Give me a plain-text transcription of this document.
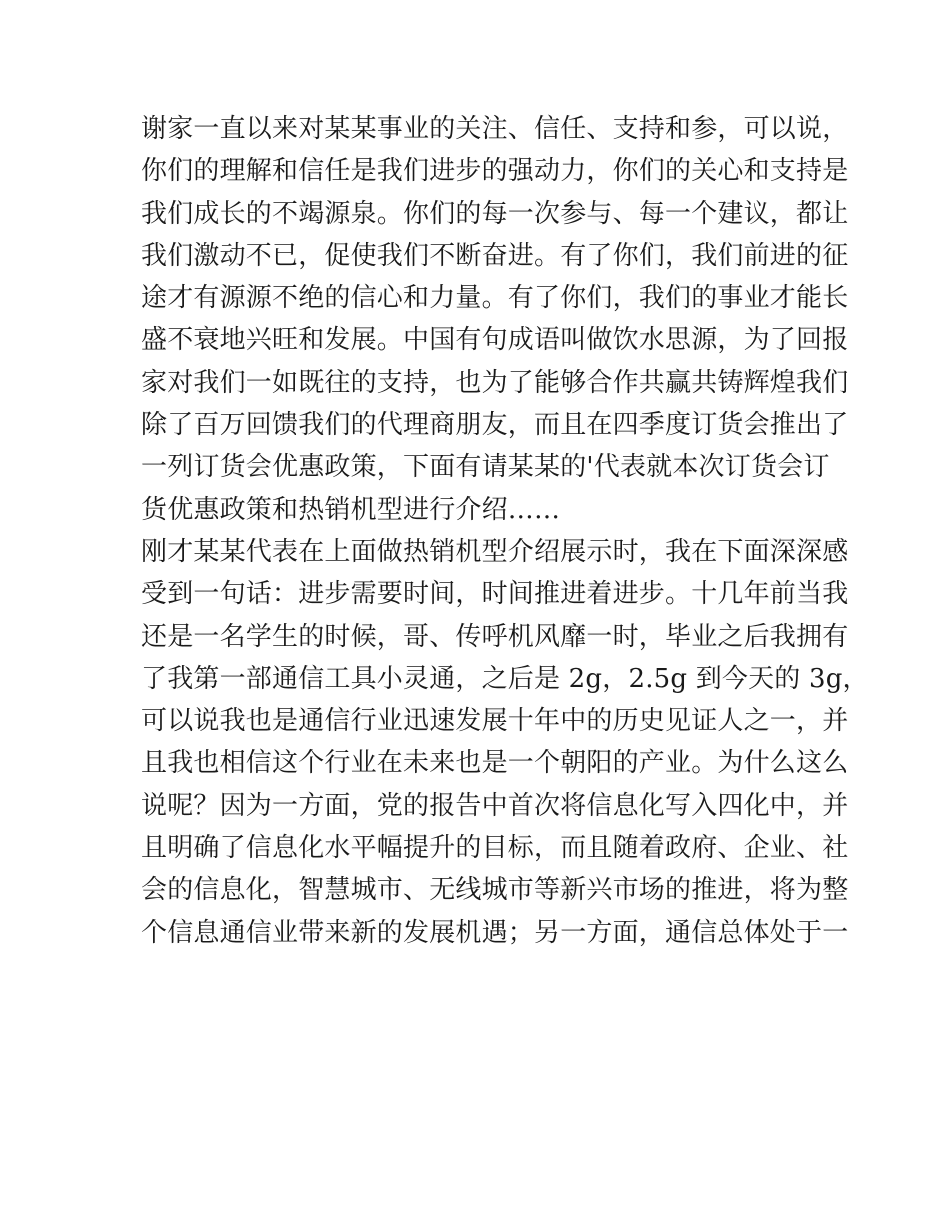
谢家一直以来对某某事业的关注、信任、支持和参，可以说，
你们的理解和信任是我们进步的强动力，你们的关心和支持是
我们成长的不竭源泉。你们的每一次参与、每一个建议，都让
我们激动不已，促使我们不断奋进。有了你们，我们前进的征
途才有源源不绝的信心和力量。有了你们，我们的事业才能长
盛不衰地兴旺和发展。中国有句成语叫做饮水思源，为了回报
家对我们一如既往的支持，也为了能够合作共赢共铸辉煌我们
除了百万回馈我们的代理商朋友，而且在四季度订货会推出了
一列订货会优惠政策，下面有请某某的'代表就本次订货会订
货优惠政策和热销机型进行介绍……
刚才某某代表在上面做热销机型介绍展示时，我在下面深深感
受到一句话：进步需要时间，时间推进着进步。十几年前当我
还是一名学生的时候，哥、传呼机风靡一时，毕业之后我拥有
了我第一部通信工具小灵通，之后是 2g，2.5g 到今天的 3g，
可以说我也是通信行业迅速发展十年中的历史见证人之一，并
且我也相信这个行业在未来也是一个朝阳的产业。为什么这么
说呢？因为一方面，党的报告中首次将信息化写入四化中，并
且明确了信息化水平幅提升的目标，而且随着政府、企业、社
会的信息化，智慧城市、无线城市等新兴市场的推进，将为整
个信息通信业带来新的发展机遇；另一方面，通信总体处于一
